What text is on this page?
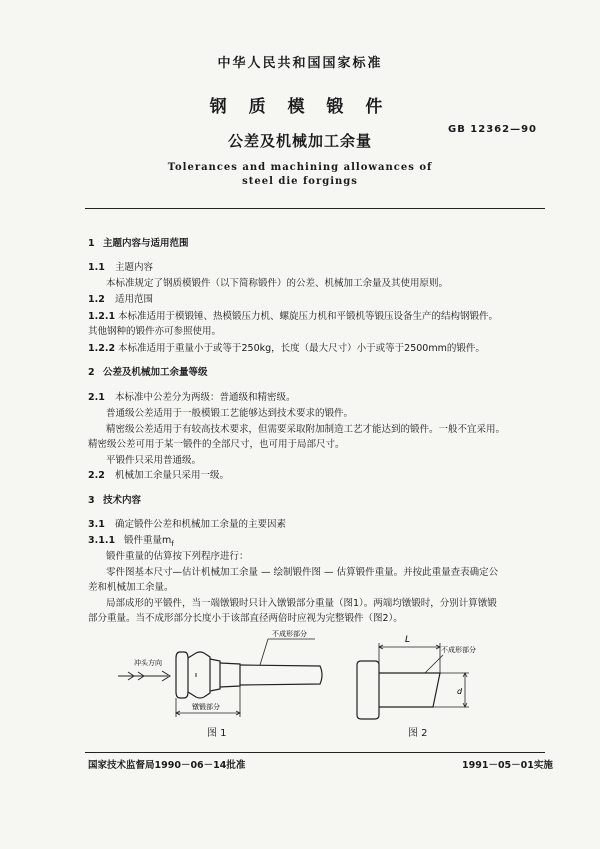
中华人民共和国国家标准
钢 质 模 锻 件
公差及机械加工余量
GB 12362—90
Tolerances and machining allowances of
steel die forgings
1 主题内容与适用范围
1.1 主题内容
本标准规定了钢质模锻件（以下简称锻件）的公差、机械加工余量及其使用原则。
1.2 适用范围
1.2.1 本标准适用于模锻锤、热模锻压力机、螺旋压力机和平锻机等锻压设备生产的结构钢锻件。
其他钢种的锻件亦可参照使用。
1.2.2 本标准适用于重量小于或等于250kg，长度（最大尺寸）小于或等于2500mm的锻件。
2 公差及机械加工余量等级
2.1 本标准中公差分为两级：普通级和精密级。
普通级公差适用于一般模锻工艺能够达到技术要求的锻件。
精密级公差适用于有较高技术要求，但需要采取附加制造工艺才能达到的锻件。一般不宜采用。
精密级公差可用于某一锻件的全部尺寸，也可用于局部尺寸。
平锻件只采用普通级。
2.2 机械加工余量只采用一级。
3 技术内容
3.1 确定锻件公差和机械加工余量的主要因素
3.1.1 锻件重量$m_f$
锻件重量的估算按下列程序进行：
零件图基本尺寸—估计机械加工余量 — 绘制锻件图 — 估算锻件重量。并按此重量查表确定公
差和机械加工余量。
局部成形的平锻件，当一端镦锻时只计入镦锻部分重量（图1）。两端均镦锻时，分别计算镦锻
部分重量。当不成形部分长度小于该部直径两倍时应视为完整锻件（图2）。
不成形部分
冲头方向
镦锻部分
图 1
L
不成形部分
d
图 2
国家技术监督局1990－06－14批准	1991－05－01实施
